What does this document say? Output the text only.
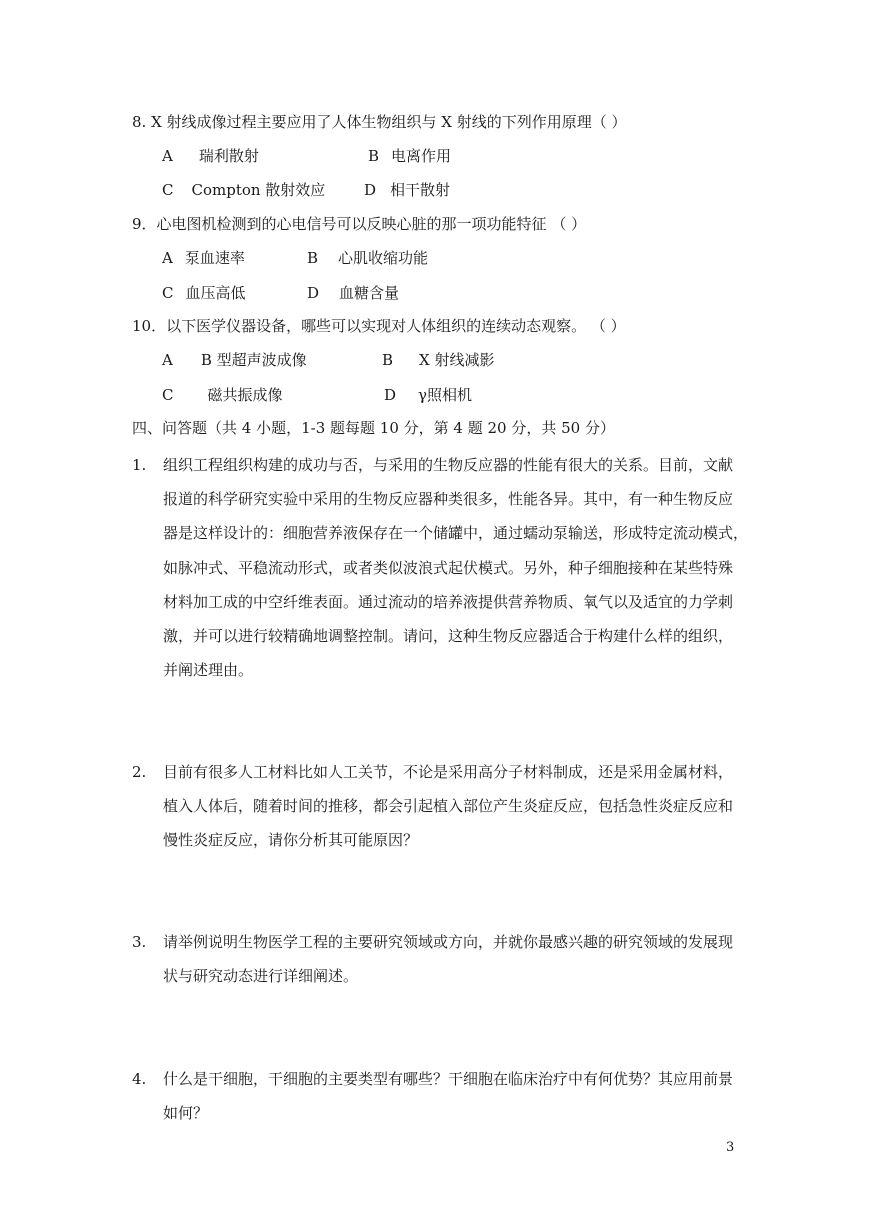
8. X 射线成像过程主要应用了人体生物组织与 X 射线的下列作用原理（ ）
A 瑞利散射	B 电离作用
C Compton 散射效应	D 相干散射
9．心电图机检测到的心电信号可以反映心脏的那一项功能特征 （ ）
A 泵血速率	B 心肌收缩功能
C 血压高低	D 血糖含量
10．以下医学仪器设备，哪些可以实现对人体组织的连续动态观察。 （ ）
A B 型超声波成像	B X 射线减影
C 磁共振成像	D γ照相机
四、问答题（共 4 小题，1-3 题每题 10 分，第 4 题 20 分，共 50 分）
1. 组织工程组织构建的成功与否，与采用的生物反应器的性能有很大的关系。目前，文献
报道的科学研究实验中采用的生物反应器种类很多，性能各异。其中，有一种生物反应
器是这样设计的：细胞营养液保存在一个储罐中，通过蠕动泵输送，形成特定流动模式，
如脉冲式、平稳流动形式，或者类似波浪式起伏模式。另外，种子细胞接种在某些特殊
材料加工成的中空纤维表面。通过流动的培养液提供营养物质、氧气以及适宜的力学刺
激，并可以进行较精确地调整控制。请问，这种生物反应器适合于构建什么样的组织，
并阐述理由。
2. 目前有很多人工材料比如人工关节，不论是采用高分子材料制成，还是采用金属材料，
植入人体后，随着时间的推移，都会引起植入部位产生炎症反应，包括急性炎症反应和
慢性炎症反应，请你分析其可能原因？
3. 请举例说明生物医学工程的主要研究领域或方向，并就你最感兴趣的研究领域的发展现
状与研究动态进行详细阐述。
4. 什么是干细胞，干细胞的主要类型有哪些？干细胞在临床治疗中有何优势？其应用前景
如何？
3
